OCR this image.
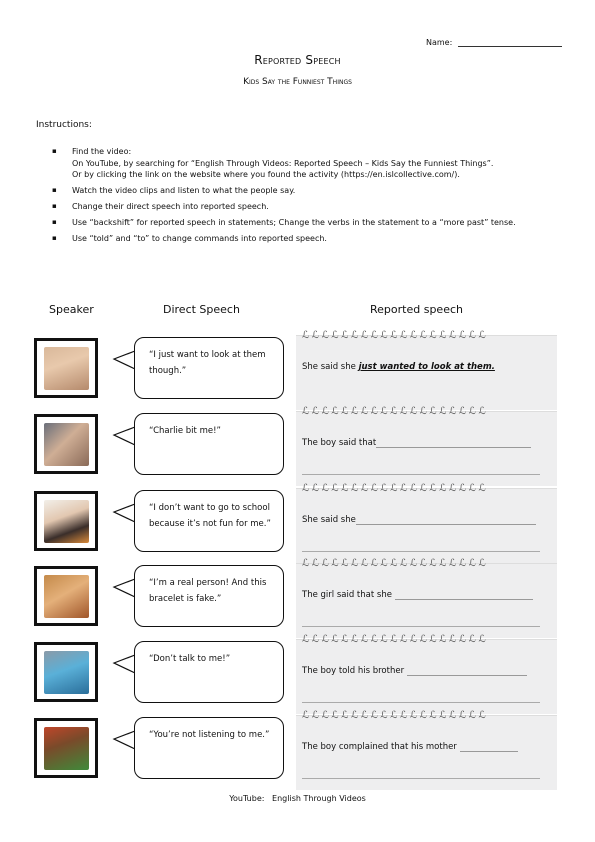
Name:
Reported Speech
Kids Say the Funniest Things
Instructions:
▪ Find the video:
On YouTube, by searching for “English Through Videos: Reported Speech – Kids Say the Funniest Things”.
Or by clicking the link on the website where you found the activity (https://en.islcollective.com/).
▪ Watch the video clips and listen to what the people say.
▪ Change their direct speech into reported speech.
▪ Use “backshift” for reported speech in statements; Change the verbs in the statement to a “more past” tense.
▪ Use “told” and “to” to change commands into reported speech.
Speaker	Direct Speech	Reported speech
“I just want to look at them though.”
ℒℒℒℒℒℒℒℒℒℒℒℒℒℒℒℒℒℒℒ
She said she just wanted to look at them.
“Charlie bit me!”
ℒℒℒℒℒℒℒℒℒℒℒℒℒℒℒℒℒℒℒ
The boy said that
“I don’t want to go to school because it’s not fun for me.”
ℒℒℒℒℒℒℒℒℒℒℒℒℒℒℒℒℒℒℒ
She said she
“I’m a real person! And this bracelet is fake.”
ℒℒℒℒℒℒℒℒℒℒℒℒℒℒℒℒℒℒℒ
The girl said that she
“Don’t talk to me!”
ℒℒℒℒℒℒℒℒℒℒℒℒℒℒℒℒℒℒℒ
The boy told his brother
“You’re not listening to me.”
ℒℒℒℒℒℒℒℒℒℒℒℒℒℒℒℒℒℒℒ
The boy complained that his mother
YouTube:   English Through Videos
